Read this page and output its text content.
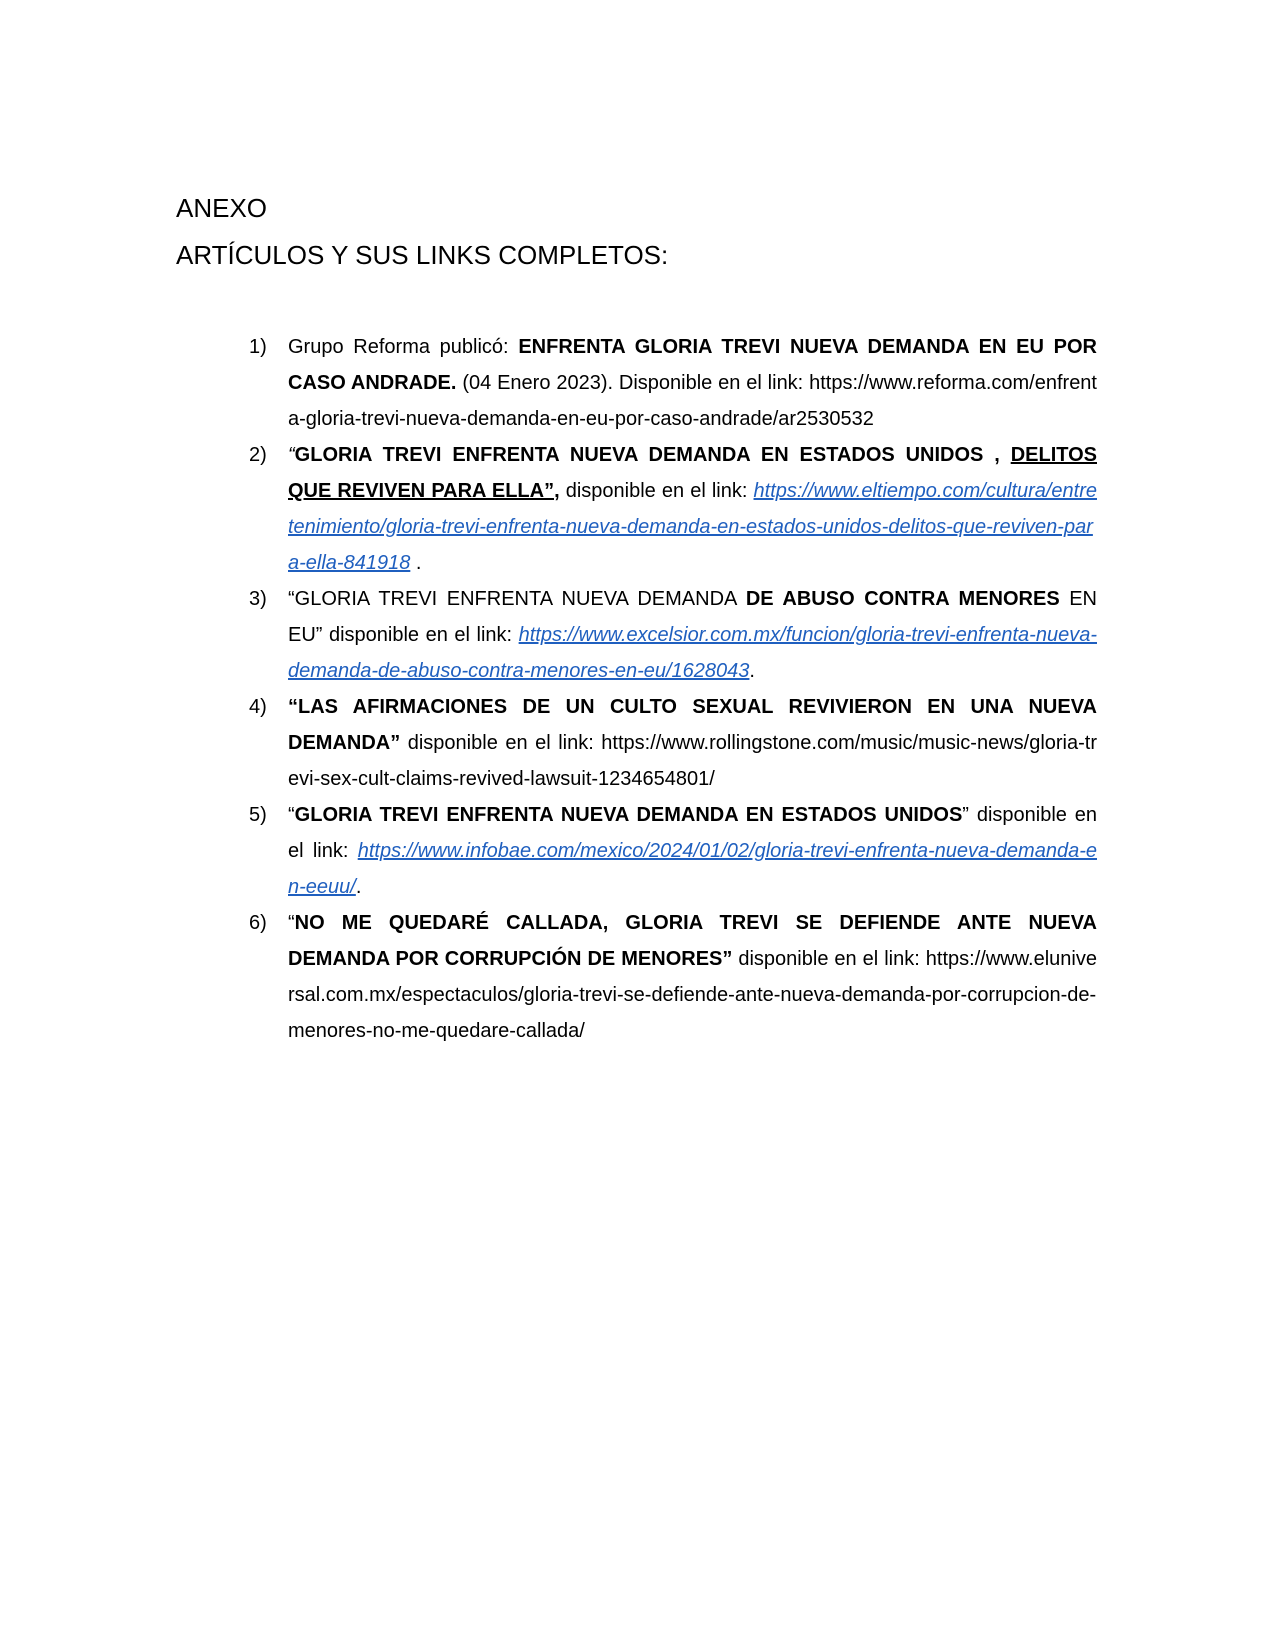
ANEXO
ARTÍCULOS Y SUS LINKS COMPLETOS:
1) Grupo Reforma publicó: ENFRENTA GLORIA TREVI NUEVA DEMANDA EN EU POR CASO ANDRADE. (04 Enero 2023). Disponible en el link: https://www.reforma.com/enfrenta-gloria-trevi-nueva-demanda-en-eu-por-caso-andrade/ar2530532
2) “GLORIA TREVI ENFRENTA NUEVA DEMANDA EN ESTADOS UNIDOS , DELITOS QUE REVIVEN PARA ELLA”, disponible en el link: https://www.eltiempo.com/cultura/entretenimiento/gloria-trevi-enfrenta-nueva-demanda-en-estados-unidos-delitos-que-reviven-para-ella-841918 .
3) “GLORIA TREVI ENFRENTA NUEVA DEMANDA DE ABUSO CONTRA MENORES EN EU” disponible en el link: https://www.excelsior.com.mx/funcion/gloria-trevi-enfrenta-nueva-demanda-de-abuso-contra-menores-en-eu/1628043.
4) “LAS AFIRMACIONES DE UN CULTO SEXUAL REVIVIERON EN UNA NUEVA DEMANDA” disponible en el link: https://www.rollingstone.com/music/music-news/gloria-trevi-sex-cult-claims-revived-lawsuit-1234654801/
5) “GLORIA TREVI ENFRENTA NUEVA DEMANDA EN ESTADOS UNIDOS” disponible en el link: https://www.infobae.com/mexico/2024/01/02/gloria-trevi-enfrenta-nueva-demanda-en-eeuu/.
6) “NO ME QUEDARÉ CALLADA, GLORIA TREVI SE DEFIENDE ANTE NUEVA DEMANDA POR CORRUPCIÓN DE MENORES” disponible en el link: https://www.eluniversal.com.mx/espectaculos/gloria-trevi-se-defiende-ante-nueva-demanda-por-corrupcion-de-menores-no-me-quedare-callada/
